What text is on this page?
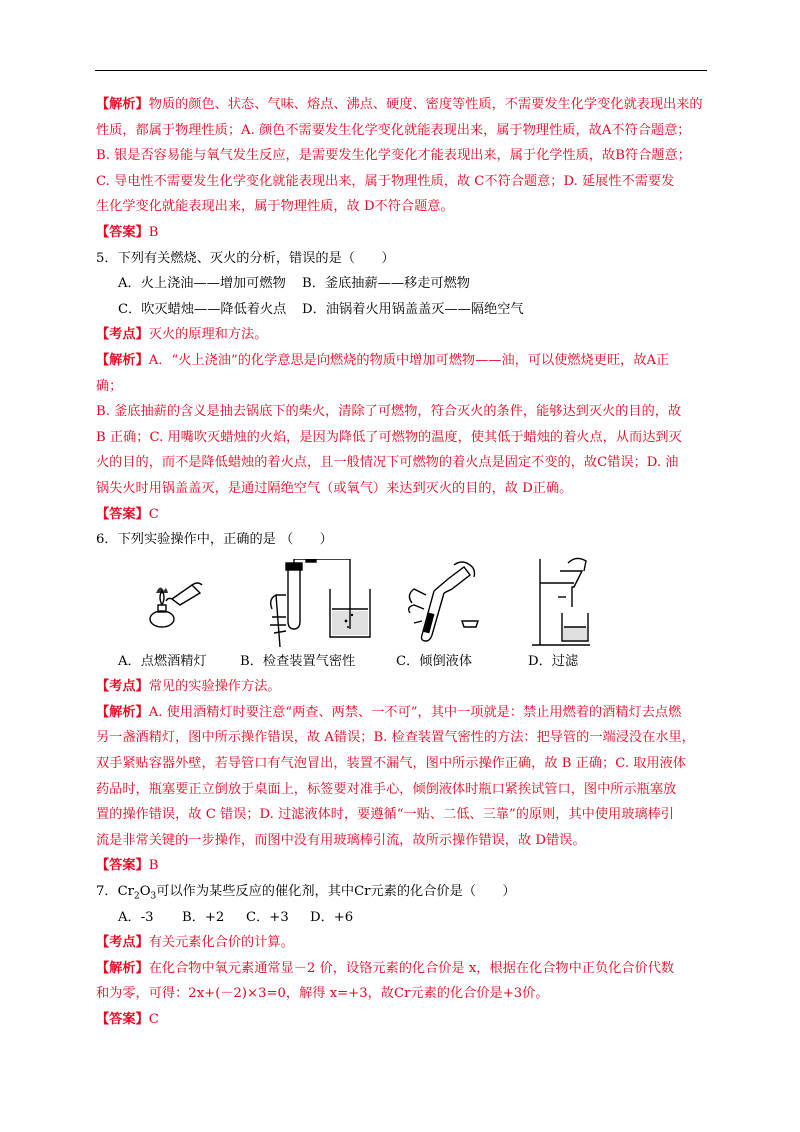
【解析】物质的颜色、状态、气味、熔点、沸点、硬度、密度等性质，不需要发生化学变化就表现出来的

性质，都属于物理性质；A. 颜色不需要发生化学变化就能表现出来，属于物理性质，故A不符合题意；

B. 银是否容易能与氧气发生反应，是需要发生化学变化才能表现出来，属于化学性质，故B符合题意；

C. 导电性不需要发生化学变化就能表现出来，属于物理性质，故 C不符合题意；D. 延展性不需要发

生化学变化就能表现出来，属于物理性质，故 D不符合题意。

【答案】B

5．下列有关燃烧、灭火的分析，错误的是（　　）

A．火上浇油——增加可燃物	B．釜底抽薪——移走可燃物
C．吹灭蜡烛——降低着火点	D．油锅着火用锅盖盖灭——隔绝空气

【考点】灭火的原理和方法。

【解析】A．“火上浇油”的化学意思是向燃烧的物质中增加可燃物——油，可以使燃烧更旺，故A正

确；

B. 釜底抽薪的含义是抽去锅底下的柴火，清除了可燃物，符合灭火的条件，能够达到灭火的目的，故

B 正确；C. 用嘴吹灭蜡烛的火焰，是因为降低了可燃物的温度，使其低于蜡烛的着火点，从而达到灭

火的目的，而不是降低蜡烛的着火点，且一般情况下可燃物的着火点是固定不变的，故C错误；D. 油

锅失火时用锅盖盖灭，是通过隔绝空气（或氧气）来达到灭火的目的，故 D正确。

【答案】C

6．下列实验操作中，正确的是 （　　）

A．点燃酒精灯	B．检查装置气密性	C．倾倒液体	D．过滤

【考点】常见的实验操作方法。

【解析】A. 使用酒精灯时要注意“两查、两禁、一不可”，其中一项就是：禁止用燃着的酒精灯去点燃

另一盏酒精灯，图中所示操作错误，故 A错误；B. 检查装置气密性的方法：把导管的一端浸没在水里，

双手紧贴容器外壁，若导管口有气泡冒出，装置不漏气，图中所示操作正确，故 B 正确；C. 取用液体

药品时，瓶塞要正立倒放于桌面上，标签要对准手心，倾倒液体时瓶口紧挨试管口，图中所示瓶塞放

置的操作错误，故 C 错误；D. 过滤液体时，要遵循“一贴、二低、三靠”的原则，其中使用玻璃棒引

流是非常关键的一步操作，而图中没有用玻璃棒引流，故所示操作错误，故 D错误。

【答案】B

7．$Cr_2O_3$可以作为某些反应的催化剂，其中Cr元素的化合价是（　　）

A．-3	B．+2	C．+3	D．+6

【考点】有关元素化合价的计算。

【解析】在化合物中氧元素通常显－2 价，设铬元素的化合价是 x，根据在化合物中正负化合价代数

和为零，可得：2x+(－2)×3=0，解得 x=+3，故Cr元素的化合价是+3价。

【答案】C
